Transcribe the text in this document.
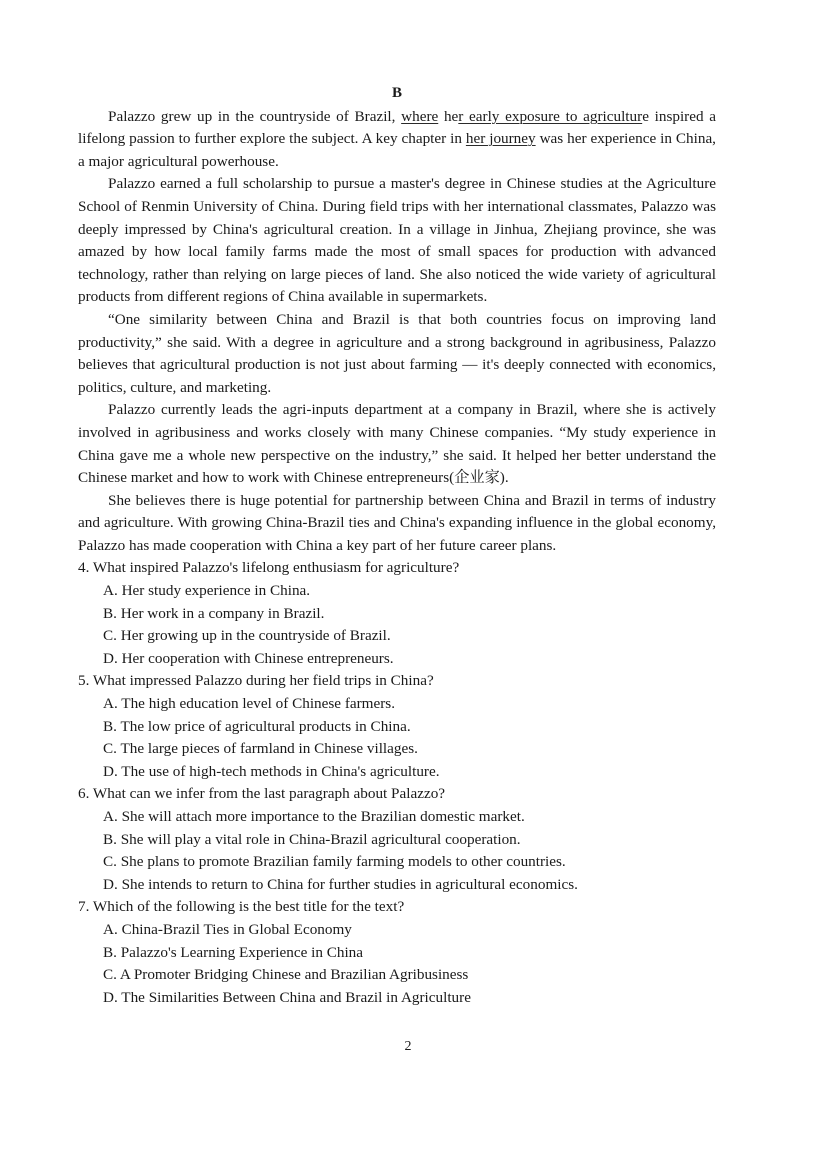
B

Palazzo grew up in the countryside of Brazil, where her early exposure to agriculture inspired a lifelong passion to further explore the subject. A key chapter in her journey was her experience in China, a major agricultural powerhouse.

Palazzo earned a full scholarship to pursue a master's degree in Chinese studies at the Agriculture School of Renmin University of China. During field trips with her international classmates, Palazzo was deeply impressed by China's agricultural creation. In a village in Jinhua, Zhejiang province, she was amazed by how local family farms made the most of small spaces for production with advanced technology, rather than relying on large pieces of land. She also noticed the wide variety of agricultural products from different regions of China available in supermarkets.

“One similarity between China and Brazil is that both countries focus on improving land productivity,” she said. With a degree in agriculture and a strong background in agribusiness, Palazzo believes that agricultural production is not just about farming — it's deeply connected with economics, politics, culture, and marketing.

Palazzo currently leads the agri-inputs department at a company in Brazil, where she is actively involved in agribusiness and works closely with many Chinese companies. “My study experience in China gave me a whole new perspective on the industry,” she said. It helped her better understand the Chinese market and how to work with Chinese entrepreneurs(企业家).

She believes there is huge potential for partnership between China and Brazil in terms of industry and agriculture. With growing China-Brazil ties and China's expanding influence in the global economy, Palazzo has made cooperation with China a key part of her future career plans.

4. What inspired Palazzo's lifelong enthusiasm for agriculture?

A. Her study experience in China.

B. Her work in a company in Brazil.

C. Her growing up in the countryside of Brazil.

D. Her cooperation with Chinese entrepreneurs.

5. What impressed Palazzo during her field trips in China?

A. The high education level of Chinese farmers.

B. The low price of agricultural products in China.

C. The large pieces of farmland in Chinese villages.

D. The use of high-tech methods in China's agriculture.

6. What can we infer from the last paragraph about Palazzo?

A. She will attach more importance to the Brazilian domestic market.

B. She will play a vital role in China-Brazil agricultural cooperation.

C. She plans to promote Brazilian family farming models to other countries.

D. She intends to return to China for further studies in agricultural economics.

7. Which of the following is the best title for the text?

A. China-Brazil Ties in Global Economy

B. Palazzo's Learning Experience in China

C. A Promoter Bridging Chinese and Brazilian Agribusiness

D. The Similarities Between China and Brazil in Agriculture

2
